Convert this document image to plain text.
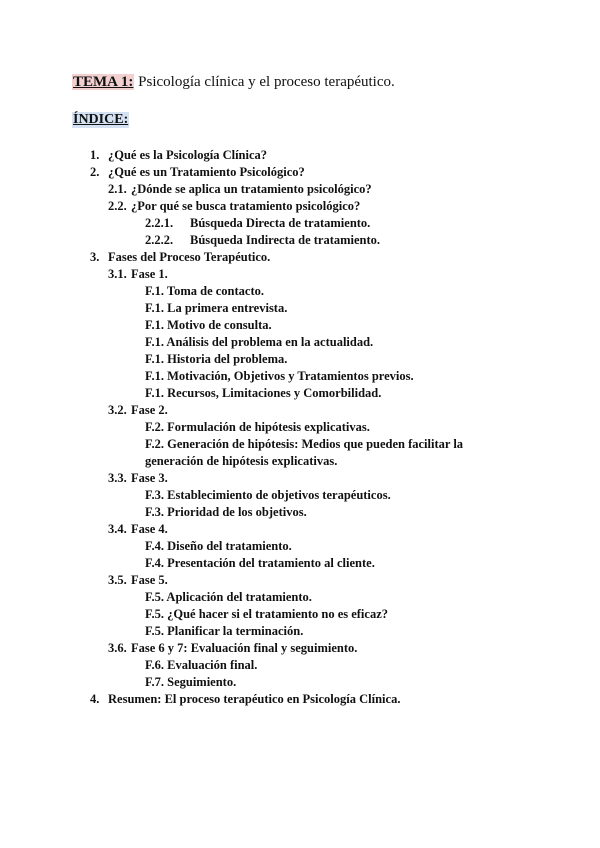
TEMA 1: Psicología clínica y el proceso terapéutico.
ÍNDICE:
1. ¿Qué es la Psicología Clínica?
2. ¿Qué es un Tratamiento Psicológico?
2.1. ¿Dónde se aplica un tratamiento psicológico?
2.2. ¿Por qué se busca tratamiento psicológico?
2.2.1. Búsqueda Directa de tratamiento.
2.2.2. Búsqueda Indirecta de tratamiento.
3. Fases del Proceso Terapéutico.
3.1. Fase 1.
F.1. Toma de contacto.
F.1. La primera entrevista.
F.1. Motivo de consulta.
F.1. Análisis del problema en la actualidad.
F.1. Historia del problema.
F.1. Motivación, Objetivos y Tratamientos previos.
F.1. Recursos, Limitaciones y Comorbilidad.
3.2. Fase 2.
F.2. Formulación de hipótesis explicativas.
F.2. Generación de hipótesis: Medios que pueden facilitar la
generación de hipótesis explicativas.
3.3. Fase 3.
F.3. Establecimiento de objetivos terapéuticos.
F.3. Prioridad de los objetivos.
3.4. Fase 4.
F.4. Diseño del tratamiento.
F.4. Presentación del tratamiento al cliente.
3.5. Fase 5.
F.5. Aplicación del tratamiento.
F.5. ¿Qué hacer si el tratamiento no es eficaz?
F.5. Planificar la terminación.
3.6. Fase 6 y 7: Evaluación final y seguimiento.
F.6. Evaluación final.
F.7. Seguimiento.
4. Resumen: El proceso terapéutico en Psicología Clínica.
